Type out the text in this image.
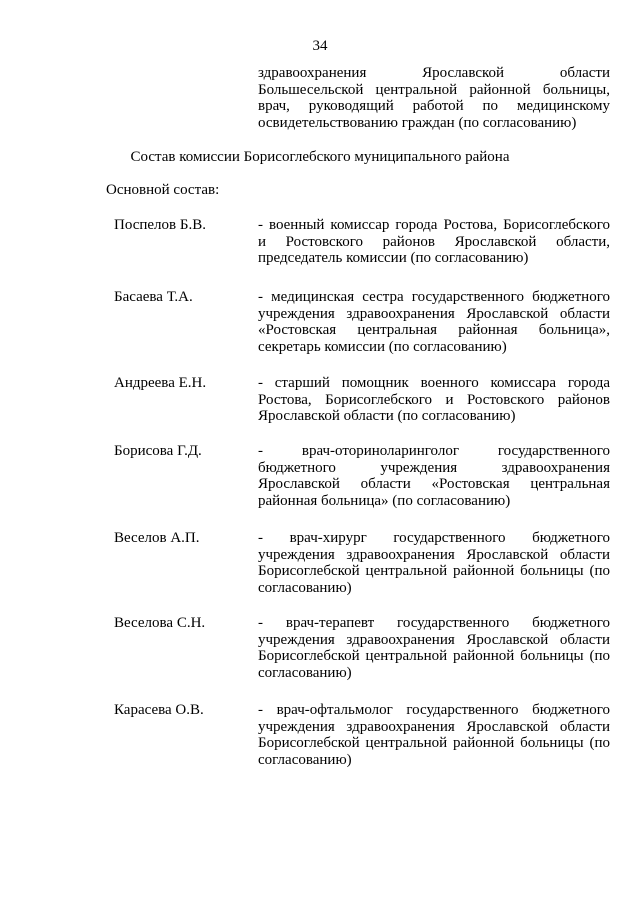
34
здравоохранения Ярославской области Большесельской центральной районной больницы, врач, руководящий работой по медицинскому освидетельствованию граждан (по согласованию)
Состав комиссии Борисоглебского муниципального района
Основной состав:
Поспелов Б.В.	- военный комиссар города Ростова, Борисоглебского и Ростовского районов Ярославской области, председатель комиссии (по согласованию)
Басаева Т.А.	- медицинская сестра государственного бюджетного учреждения здравоохранения Ярославской области «Ростовская центральная районная больница», секретарь комиссии (по согласованию)
Андреева Е.Н.	- старший помощник военного комиссара города Ростова, Борисоглебского и Ростовского районов Ярославской области (по согласованию)
Борисова Г.Д.	- врач-оториноларинголог государственного бюджетного учреждения здравоохранения Ярославской области «Ростовская центральная районная больница» (по согласованию)
Веселов А.П.	- врач-хирург государственного бюджетного учреждения здравоохранения Ярославской области Борисоглебской центральной районной больницы (по согласованию)
Веселова С.Н.	- врач-терапевт государственного бюджетного учреждения здравоохранения Ярославской области Борисоглебской центральной районной больницы (по согласованию)
Карасева О.В.	- врач-офтальмолог государственного бюджетного учреждения здравоохранения Ярославской области Борисоглебской центральной районной больницы (по согласованию)
